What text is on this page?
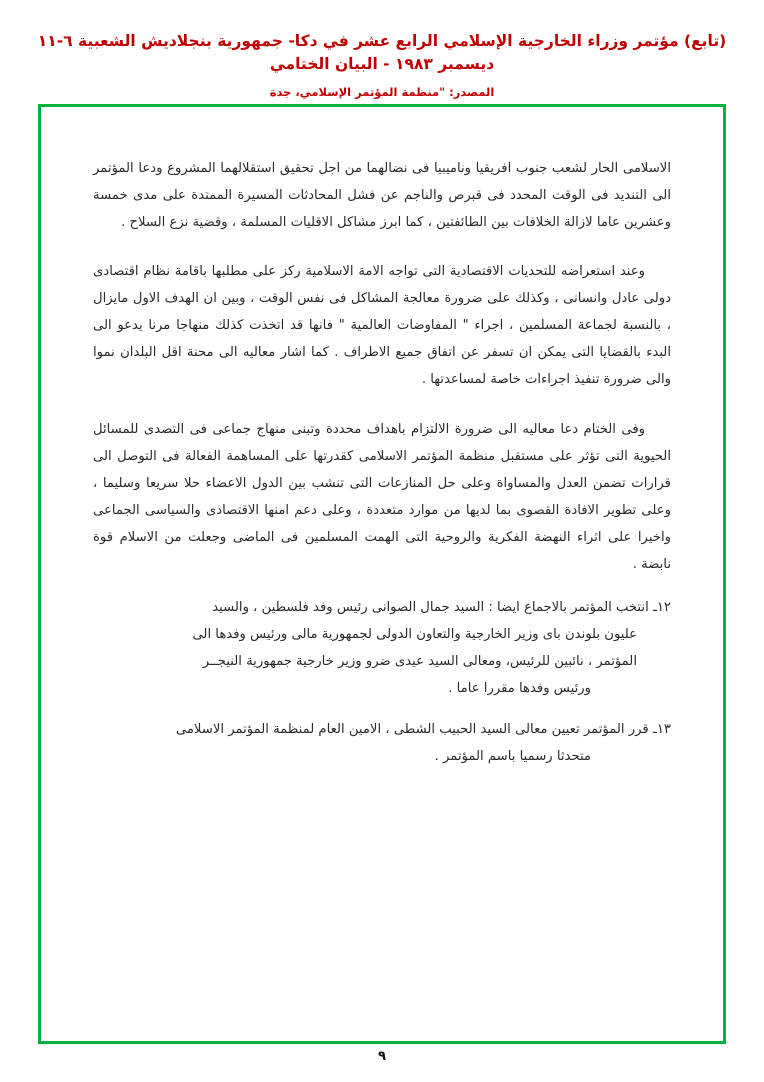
(تابع) مؤتمر وزراء الخارجية الإسلامي الرابع عشر في دكا- جمهورية بنجلاديش الشعبية ٦-١١ ديسمبر ١٩٨٣ - البيان الختامي
المصدر: "منظمة المؤتمر الإسلامي، جدة

الاسلامى الحار لشعب جنوب افريقيا وناميبيا فى نضالهما من اجل تحقيق استقلالهما المشروع ودعا المؤتمر الى التنديد فى الوقت المحدد فى قبرص والناجم عن فشل المحادثات المسيرة الممتدة على مدى خمسة وعشرين عاما لازالة الخلافات بين الطائفتين ، كما ابرز مشاكل الاقليات المسلمة ، وقضية نزع السلاح .

وعند استعراضه للتحديات الاقتصادية التى تواجه الامة الاسلامية ركز على مطلبها باقامة نظام اقتصادى دولى عادل وانسانى ، وكذلك على ضرورة معالجة المشاكل فى نفس الوقت ، وبين ان الهدف الاول مايزال ، بالنسبة لجماعة المسلمين ، اجراء " المفاوضات العالمية " فانها قد اتخذت كذلك منهاجا مرنا يدعو الى البدء بالقضايا التى يمكن ان تسفر عن اتفاق جميع الاطراف . كما اشار معاليه الى محنة اقل البلدان نموا والى ضرورة تنفيذ اجراءات خاصة لمساعدتها .

وفى الختام دعا معاليه الى ضرورة الالتزام باهداف محددة وتبنى منهاج جماعى فى التصدى للمسائل الحيوية التى تؤثر على مستقبل منظمة المؤتمر الاسلامى كقدرتها على المساهمة الفعالة فى التوصل الى قرارات تضمن العدل والمساواة وعلى حل المنازعات التى تنشب بين الدول الاعضاء حلا سريعا وسليما ، وعلى تطوير الافادة القصوى بما لديها من موارد متعددة ، وعلى دعم امنها الاقتصادى والسياسى الجماعى واخيرا على اثراء النهضة الفكرية والروحية التى الهمت المسلمين فى الماضى وجعلت من الاسلام قوة نابضة .

١٢ـ انتخب المؤتمر بالاجماع ايضا : السيد جمال الصوانى رئيس وفد فلسطين ، والسيد
عليون بلوندن باى وزير الخارجية والتعاون الدولى لجمهورية مالى ورئيس وفدها الى
المؤتمر ، نائبين للرئيس، ومعالى السيد عيدى ضرو وزير خارجية جمهورية النيجــر
ورئيس وفدها مقررا عاما .
١٣ـ قرر المؤتمر تعيين معالى السيد الحبيب الشطى ، الامين العام لمنظمة المؤتمر الاسلامى
متحدثا رسميا باسم المؤتمر .
٩
